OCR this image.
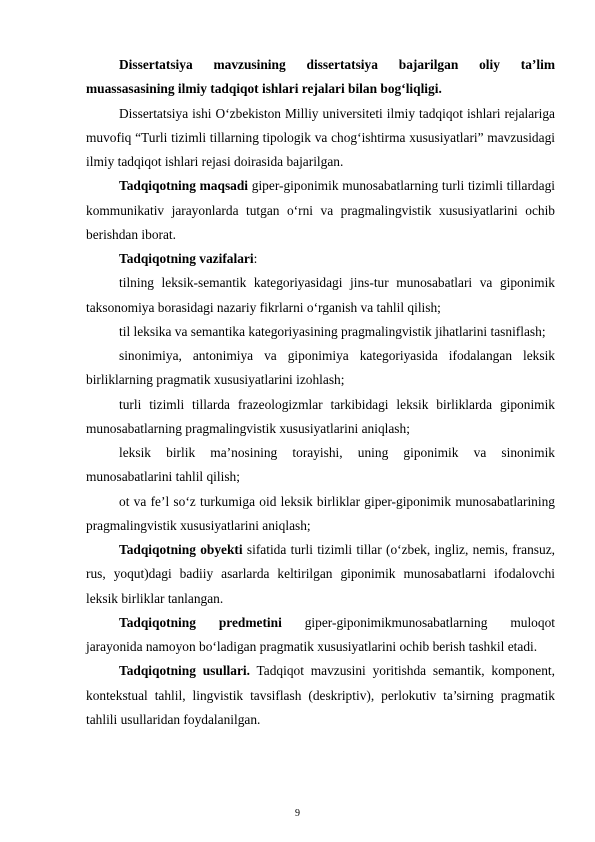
Dissertatsiya mavzusining dissertatsiya bajarilgan oliy ta’lim muassasasining ilmiy tadqiqot ishlari rejalari bilan bog‘liqligi.

Dissertatsiya ishi O‘zbekiston Milliy universiteti ilmiy tadqiqot ishlari rejalariga muvofiq “Turli tizimli tillarning tipologik va chog‘ishtirma xususiyatlari” mavzusidagi ilmiy tadqiqot ishlari rejasi doirasida bajarilgan.

Tadqiqotning maqsadi giper-giponimik munosabatlarning turli tizimli tillardagi kommunikativ jarayonlarda tutgan o‘rni va pragmalingvistik xususiyatlarini ochib berishdan iborat.

Tadqiqotning vazifalari:

tilning leksik-semantik kategoriyasidagi jins-tur munosabatlari va giponimik taksonomiya borasidagi nazariy fikrlarni o‘rganish va tahlil qilish;

til leksika va semantika kategoriyasining pragmalingvistik jihatlarini tasniflash;

sinonimiya, antonimiya va giponimiya kategoriyasida ifodalangan leksik birliklarning pragmatik xususiyatlarini izohlash;

turli tizimli tillarda frazeologizmlar tarkibidagi leksik birliklarda giponimik munosabatlarning pragmalingvistik xususiyatlarini aniqlash;

leksik birlik ma’nosining torayishi, uning giponimik va sinonimik munosabatlarini tahlil qilish;

ot va fe’l so‘z turkumiga oid leksik birliklar giper-giponimik munosabatlarining pragmalingvistik xususiyatlarini aniqlash;

Tadqiqotning obyekti sifatida turli tizimli tillar (o‘zbek, ingliz, nemis, fransuz, rus, yoqut)dagi badiiy asarlarda keltirilgan giponimik munosabatlarni ifodalovchi leksik birliklar tanlangan.

Tadqiqotning predmetini giper-giponimikmunosabatlarning muloqot jarayonida namoyon bo‘ladigan pragmatik xususiyatlarini ochib berish tashkil etadi.

Tadqiqotning usullari. Tadqiqot mavzusini yoritishda semantik, komponent, kontekstual tahlil, lingvistik tavsiflash (deskriptiv), perlokutiv ta’sirning pragmatik tahlili usullaridan foydalanilgan.

9
